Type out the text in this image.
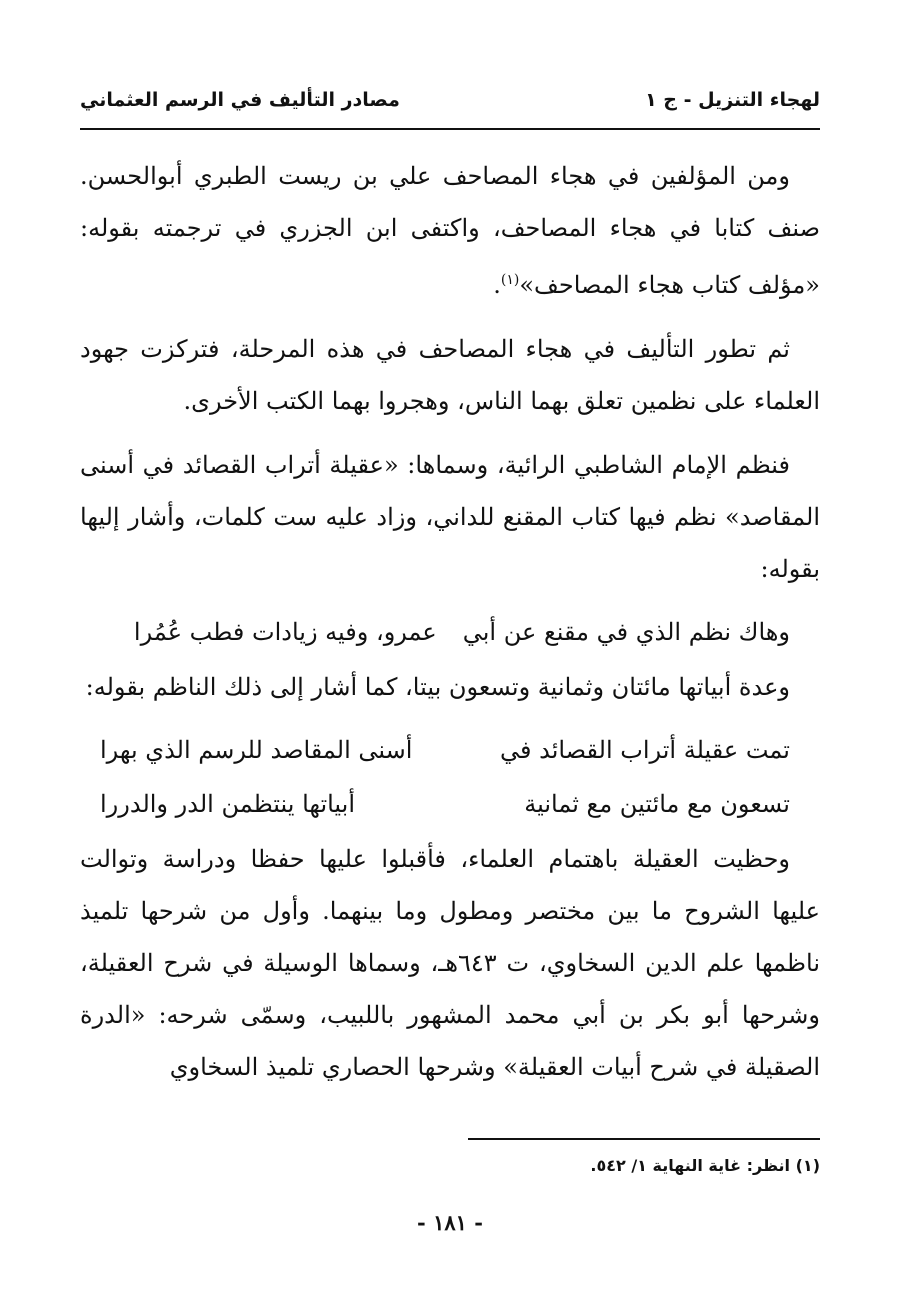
لهجاء التنزيل - ج ١
مصادر التأليف في الرسم العثماني

ومن المؤلفين في هجاء المصاحف علي بن ريست الطبري أبوالحسن. صنف كتابا في هجاء المصاحف، واكتفى ابن الجزري في ترجمته بقوله: «مؤلف كتاب هجاء المصاحف»$^{(١)}$.

ثم تطور التأليف في هجاء المصاحف في هذه المرحلة، فتركزت جهود العلماء على نظمين تعلق بهما الناس، وهجروا بهما الكتب الأخرى.

فنظم الإمام الشاطبي الرائية، وسماها: «عقيلة أتراب القصائد في أسنى المقاصد» نظم فيها كتاب المقنع للداني، وزاد عليه ست كلمات، وأشار إليها بقوله:

وهاك نظم الذي في مقنع عن أبي
عمرو، وفيه زيادات فطب عُمُرا

وعدة أبياتها مائتان وثمانية وتسعون بيتا، كما أشار إلى ذلك الناظم بقوله:

تمت عقيلة أتراب القصائد في
أسنى المقاصد للرسم الذي بهرا
تسعون مع مائتين مع ثمانية
أبياتها ينتظمن الدر والدررا

وحظيت العقيلة باهتمام العلماء، فأقبلوا عليها حفظا ودراسة وتوالت عليها الشروح ما بين مختصر ومطول وما بينهما. وأول من شرحها تلميذ ناظمها علم الدين السخاوي، ت ٦٤٣هـ، وسماها الوسيلة في شرح العقيلة، وشرحها أبو بكر بن أبي محمد المشهور باللبيب، وسمّى شرحه: «الدرة الصقيلة في شرح أبيات العقيلة» وشرحها الحصاري تلميذ السخاوي

(١) انظر: غاية النهاية ١/ ٥٤٢.
- ١٨١ -
